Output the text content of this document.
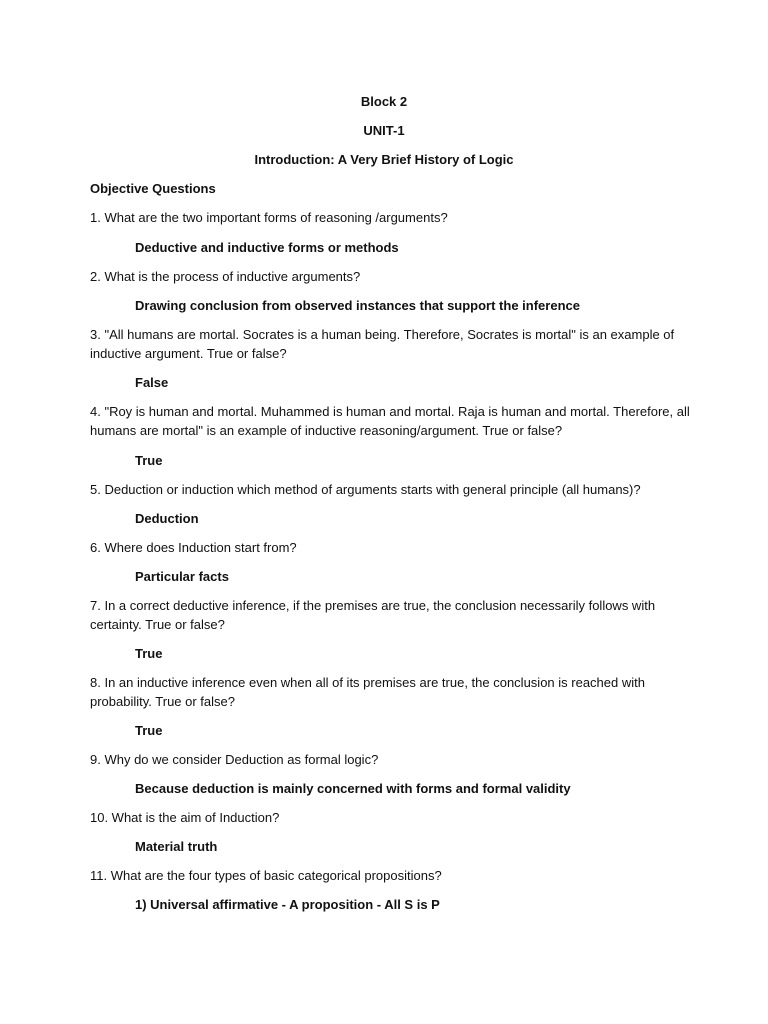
Block 2
UNIT-1
Introduction: A Very Brief History of Logic
Objective Questions
1. What are the two important forms of reasoning /arguments?
Deductive and inductive forms or methods
2. What is the process of inductive arguments?
Drawing conclusion from observed instances that support the inference
3. "All humans are mortal. Socrates is a human being. Therefore, Socrates is mortal" is an example of
inductive argument. True or false?
False
4. "Roy is human and mortal. Muhammed is human and mortal. Raja is human and mortal. Therefore, all
humans are mortal" is an example of inductive reasoning/argument. True or false?
True
5. Deduction or induction which method of arguments starts with general principle (all humans)?
Deduction
6. Where does Induction start from?
Particular facts
7. In a correct deductive inference, if the premises are true, the conclusion necessarily follows with
certainty. True or false?
True
8. In an inductive inference even when all of its premises are true, the conclusion is reached with
probability. True or false?
True
9. Why do we consider Deduction as formal logic?
Because deduction is mainly concerned with forms and formal validity
10. What is the aim of Induction?
Material truth
11. What are the four types of basic categorical propositions?
1) Universal affirmative - A proposition - All S is P
